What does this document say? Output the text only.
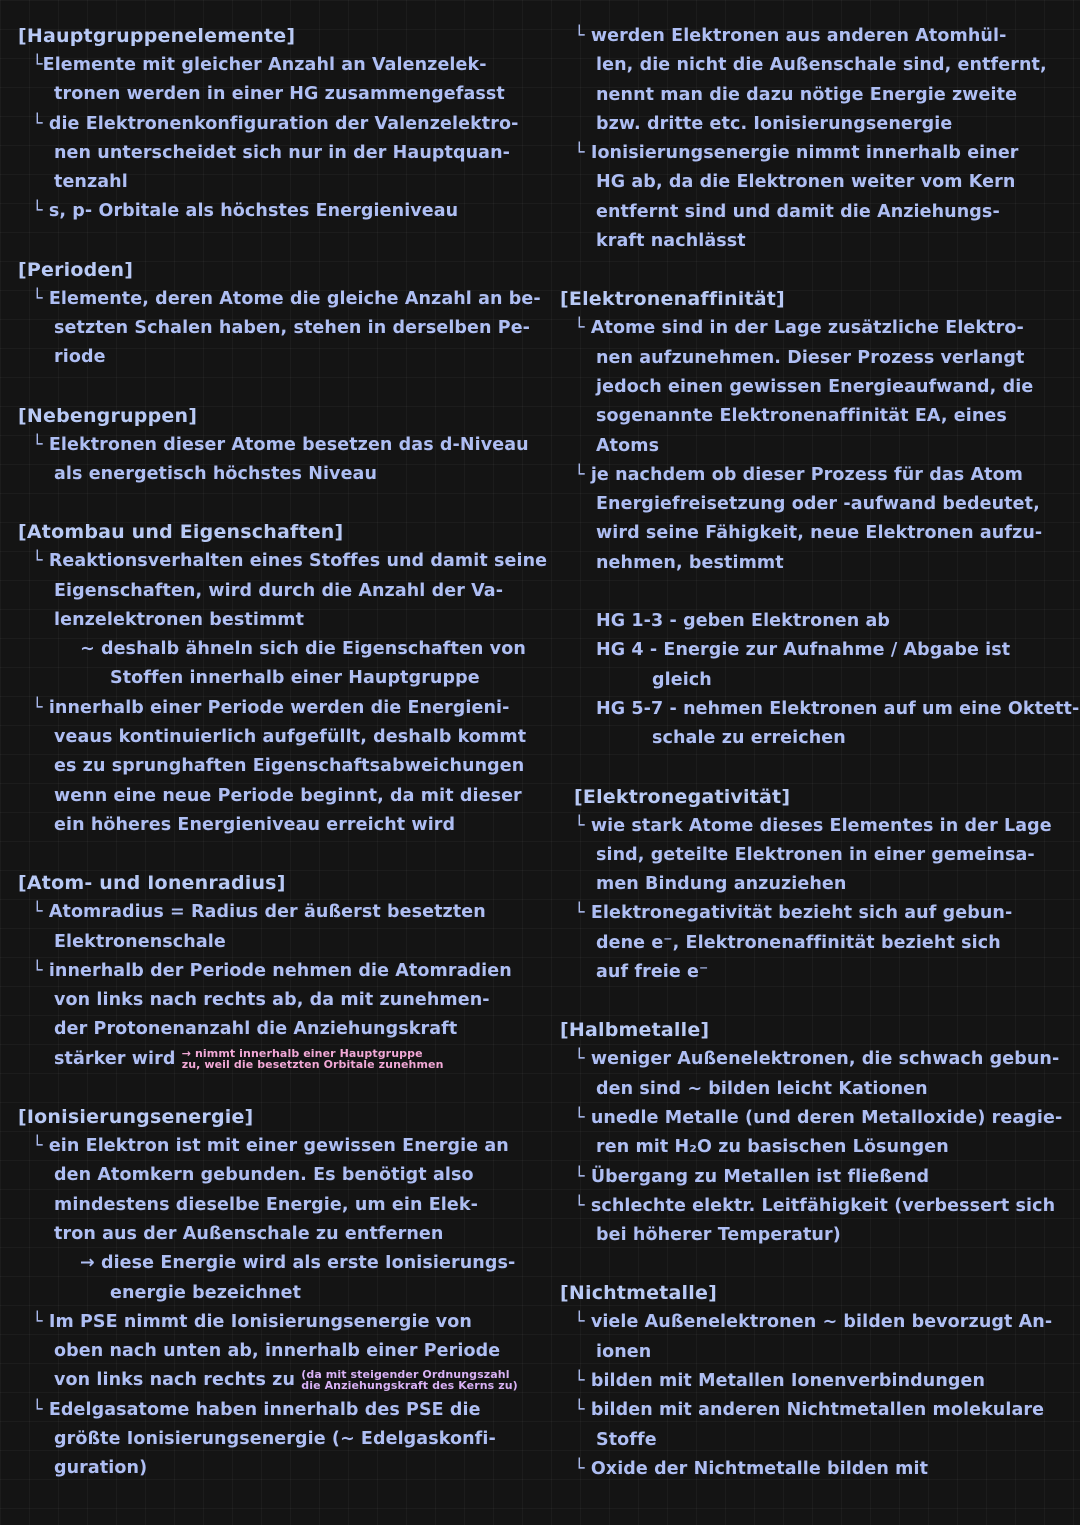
[Hauptgruppenelemente]
└Elemente mit gleicher Anzahl an Valenzelek-
tronen werden in einer HG zusammengefasst
└ die Elektronenkonfiguration der Valenzelektro-
nen unterscheidet sich nur in der Hauptquan-
tenzahl
└ s, p- Orbitale als höchstes Energieniveau
[Perioden]
└ Elemente, deren Atome die gleiche Anzahl an be-
setzten Schalen haben, stehen in derselben Pe-
riode
[Nebengruppen]
└ Elektronen dieser Atome besetzen das d-Niveau
als energetisch höchstes Niveau
[Atombau und Eigenschaften]
└ Reaktionsverhalten eines Stoffes und damit seine
Eigenschaften, wird durch die Anzahl der Va-
lenzelektronen bestimmt
∼ deshalb ähneln sich die Eigenschaften von
Stoffen innerhalb einer Hauptgruppe
└ innerhalb einer Periode werden die Energieni-
veaus kontinuierlich aufgefüllt, deshalb kommt
es zu sprunghaften Eigenschaftsabweichungen
wenn eine neue Periode beginnt, da mit dieser
ein höheres Energieniveau erreicht wird
[Atom- und Ionenradius]
└ Atomradius = Radius der äußerst besetzten
Elektronenschale
└ innerhalb der Periode nehmen die Atomradien
von links nach rechts ab, da mit zunehmen-
der Protonenanzahl die Anziehungskraft
stärker wird → nimmt innerhalb einer Hauptgruppe
zu, weil die besetzten Orbitale zunehmen
[Ionisierungsenergie]
└ ein Elektron ist mit einer gewissen Energie an
den Atomkern gebunden. Es benötigt also
mindestens dieselbe Energie, um ein Elek-
tron aus der Außenschale zu entfernen
→ diese Energie wird als erste Ionisierungs-
energie bezeichnet
└ Im PSE nimmt die Ionisierungsenergie von
oben nach unten ab, innerhalb einer Periode
von links nach rechts zu (da mit steigender Ordnungszahl
die Anziehungskraft des Kerns zu)
└ Edelgasatome haben innerhalb des PSE die
größte Ionisierungsenergie (∼ Edelgaskonfi-
guration)
└ werden Elektronen aus anderen Atomhül-
len, die nicht die Außenschale sind, entfernt,
nennt man die dazu nötige Energie zweite
bzw. dritte etc. Ionisierungsenergie
└ Ionisierungsenergie nimmt innerhalb einer
HG ab, da die Elektronen weiter vom Kern
entfernt sind und damit die Anziehungs-
kraft nachlässt
[Elektronenaffinität]
└ Atome sind in der Lage zusätzliche Elektro-
nen aufzunehmen. Dieser Prozess verlangt
jedoch einen gewissen Energieaufwand, die
sogenannte Elektronenaffinität EA, eines
Atoms
└ je nachdem ob dieser Prozess für das Atom
Energiefreisetzung oder -aufwand bedeutet,
wird seine Fähigkeit, neue Elektronen aufzu-
nehmen, bestimmt
HG 1-3 - geben Elektronen ab
HG 4 - Energie zur Aufnahme / Abgabe ist
gleich
HG 5-7 - nehmen Elektronen auf um eine Oktett-
schale zu erreichen
[Elektronegativität]
└ wie stark Atome dieses Elementes in der Lage
sind, geteilte Elektronen in einer gemeinsa-
men Bindung anzuziehen
└ Elektronegativität bezieht sich auf gebun-
dene e⁻, Elektronenaffinität bezieht sich
auf freie e⁻
[Halbmetalle]
└ weniger Außenelektronen, die schwach gebun-
den sind ∼ bilden leicht Kationen
└ unedle Metalle (und deren Metalloxide) reagie-
ren mit H₂O zu basischen Lösungen
└ Übergang zu Metallen ist fließend
└ schlechte elektr. Leitfähigkeit (verbessert sich
bei höherer Temperatur)
[Nichtmetalle]
└ viele Außenelektronen ∼ bilden bevorzugt An-
ionen
└ bilden mit Metallen Ionenverbindungen
└ bilden mit anderen Nichtmetallen molekulare
Stoffe
└ Oxide der Nichtmetalle bilden mit
